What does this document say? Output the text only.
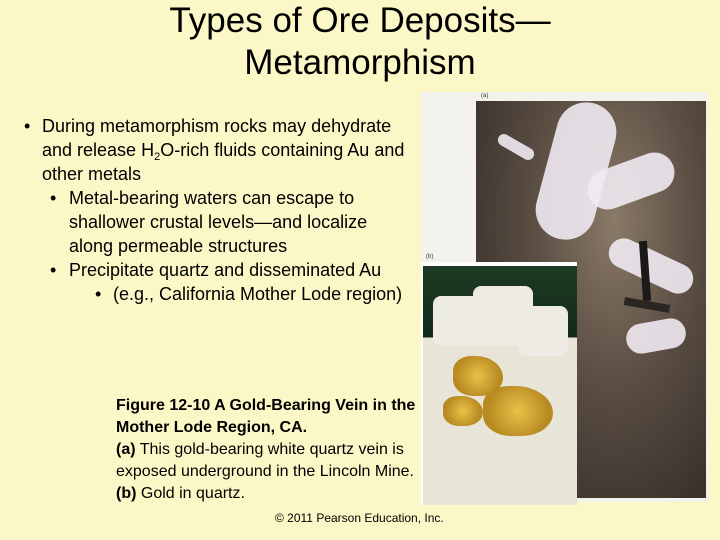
Types of Ore Deposits—Metamorphism
• During metamorphism rocks may dehydrate and release $H_2O$-rich fluids containing Au and other metals
• Metal-bearing waters can escape to shallower crustal levels—and localize along permeable structures
• Precipitate quartz and disseminated Au
• (e.g., California Mother Lode region)
Figure 12-10 A Gold-Bearing Vein in the Mother Lode Region, CA.
(a) This gold-bearing white quartz vein is exposed underground in the Lincoln Mine. (b) Gold in quartz.
(a)
(b)
© 2011 Pearson Education, Inc.
